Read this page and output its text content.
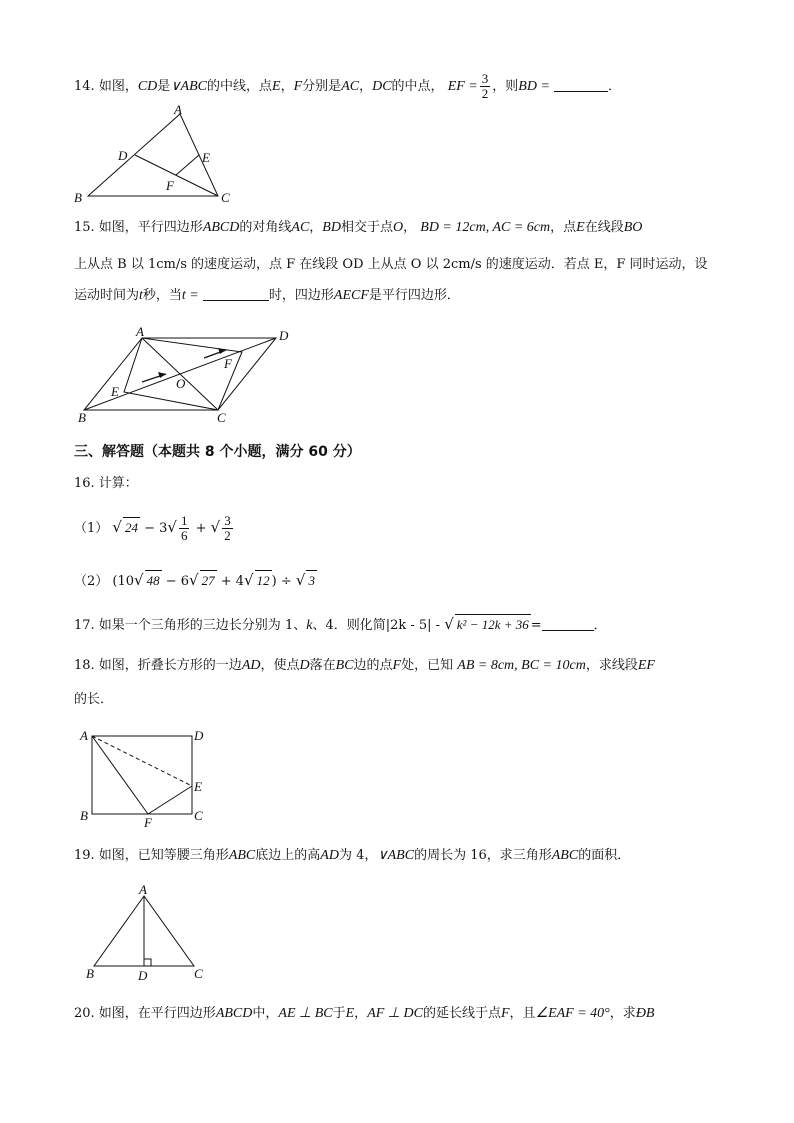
14. 如图，CD是∨ABC的中线，点E，F分别是AC，DC的中点， EF = $\frac{3}{2}$ ，则BD =	．
A
D	E
F
B	C
15. 如图，平行四边形ABCD的对角线AC，BD相交于点O， BD = 12cm, AC = 6cm，点E在线段BO
上从点 B 以 1cm/s 的速度运动，点 F 在线段 OD 上从点 O 以 2cm/s 的速度运动．若点 E，F 同时运动，设
运动时间为t秒，当t =	时，四边形AECF是平行四边形．
A	D
E
O
F
B	C
三、解答题（本题共 8 个小题，满分 60 分）
16. 计算：
（1） √ $24 - 3√ \frac{1}{6}$ + √ $\frac{3}{2}$
（2） (10√ 48 − 6√ 27 + 4√ 12 ) ÷ √ 3
17. 如果一个三角形的三边长分别为 1、k、4．则化简|2k - 5| - √ k² − 12k + 36 =	．
18. 如图，折叠长方形的一边AD，使点D落在BC边的点F处，已知 AB = 8cm, BC = 10cm，求线段EF
的长．
A	D
E
B	F	C
19. 如图，已知等腰三角形ABC底边上的高AD为 4，∨ABC的周长为 16，求三角形ABC的面积．
A
B	D	C
20. 如图，在平行四边形ABCD中，AE ⊥ BC于E，AF ⊥ DC的延长线于点F，且∠EAF = 40°，求ÐB
